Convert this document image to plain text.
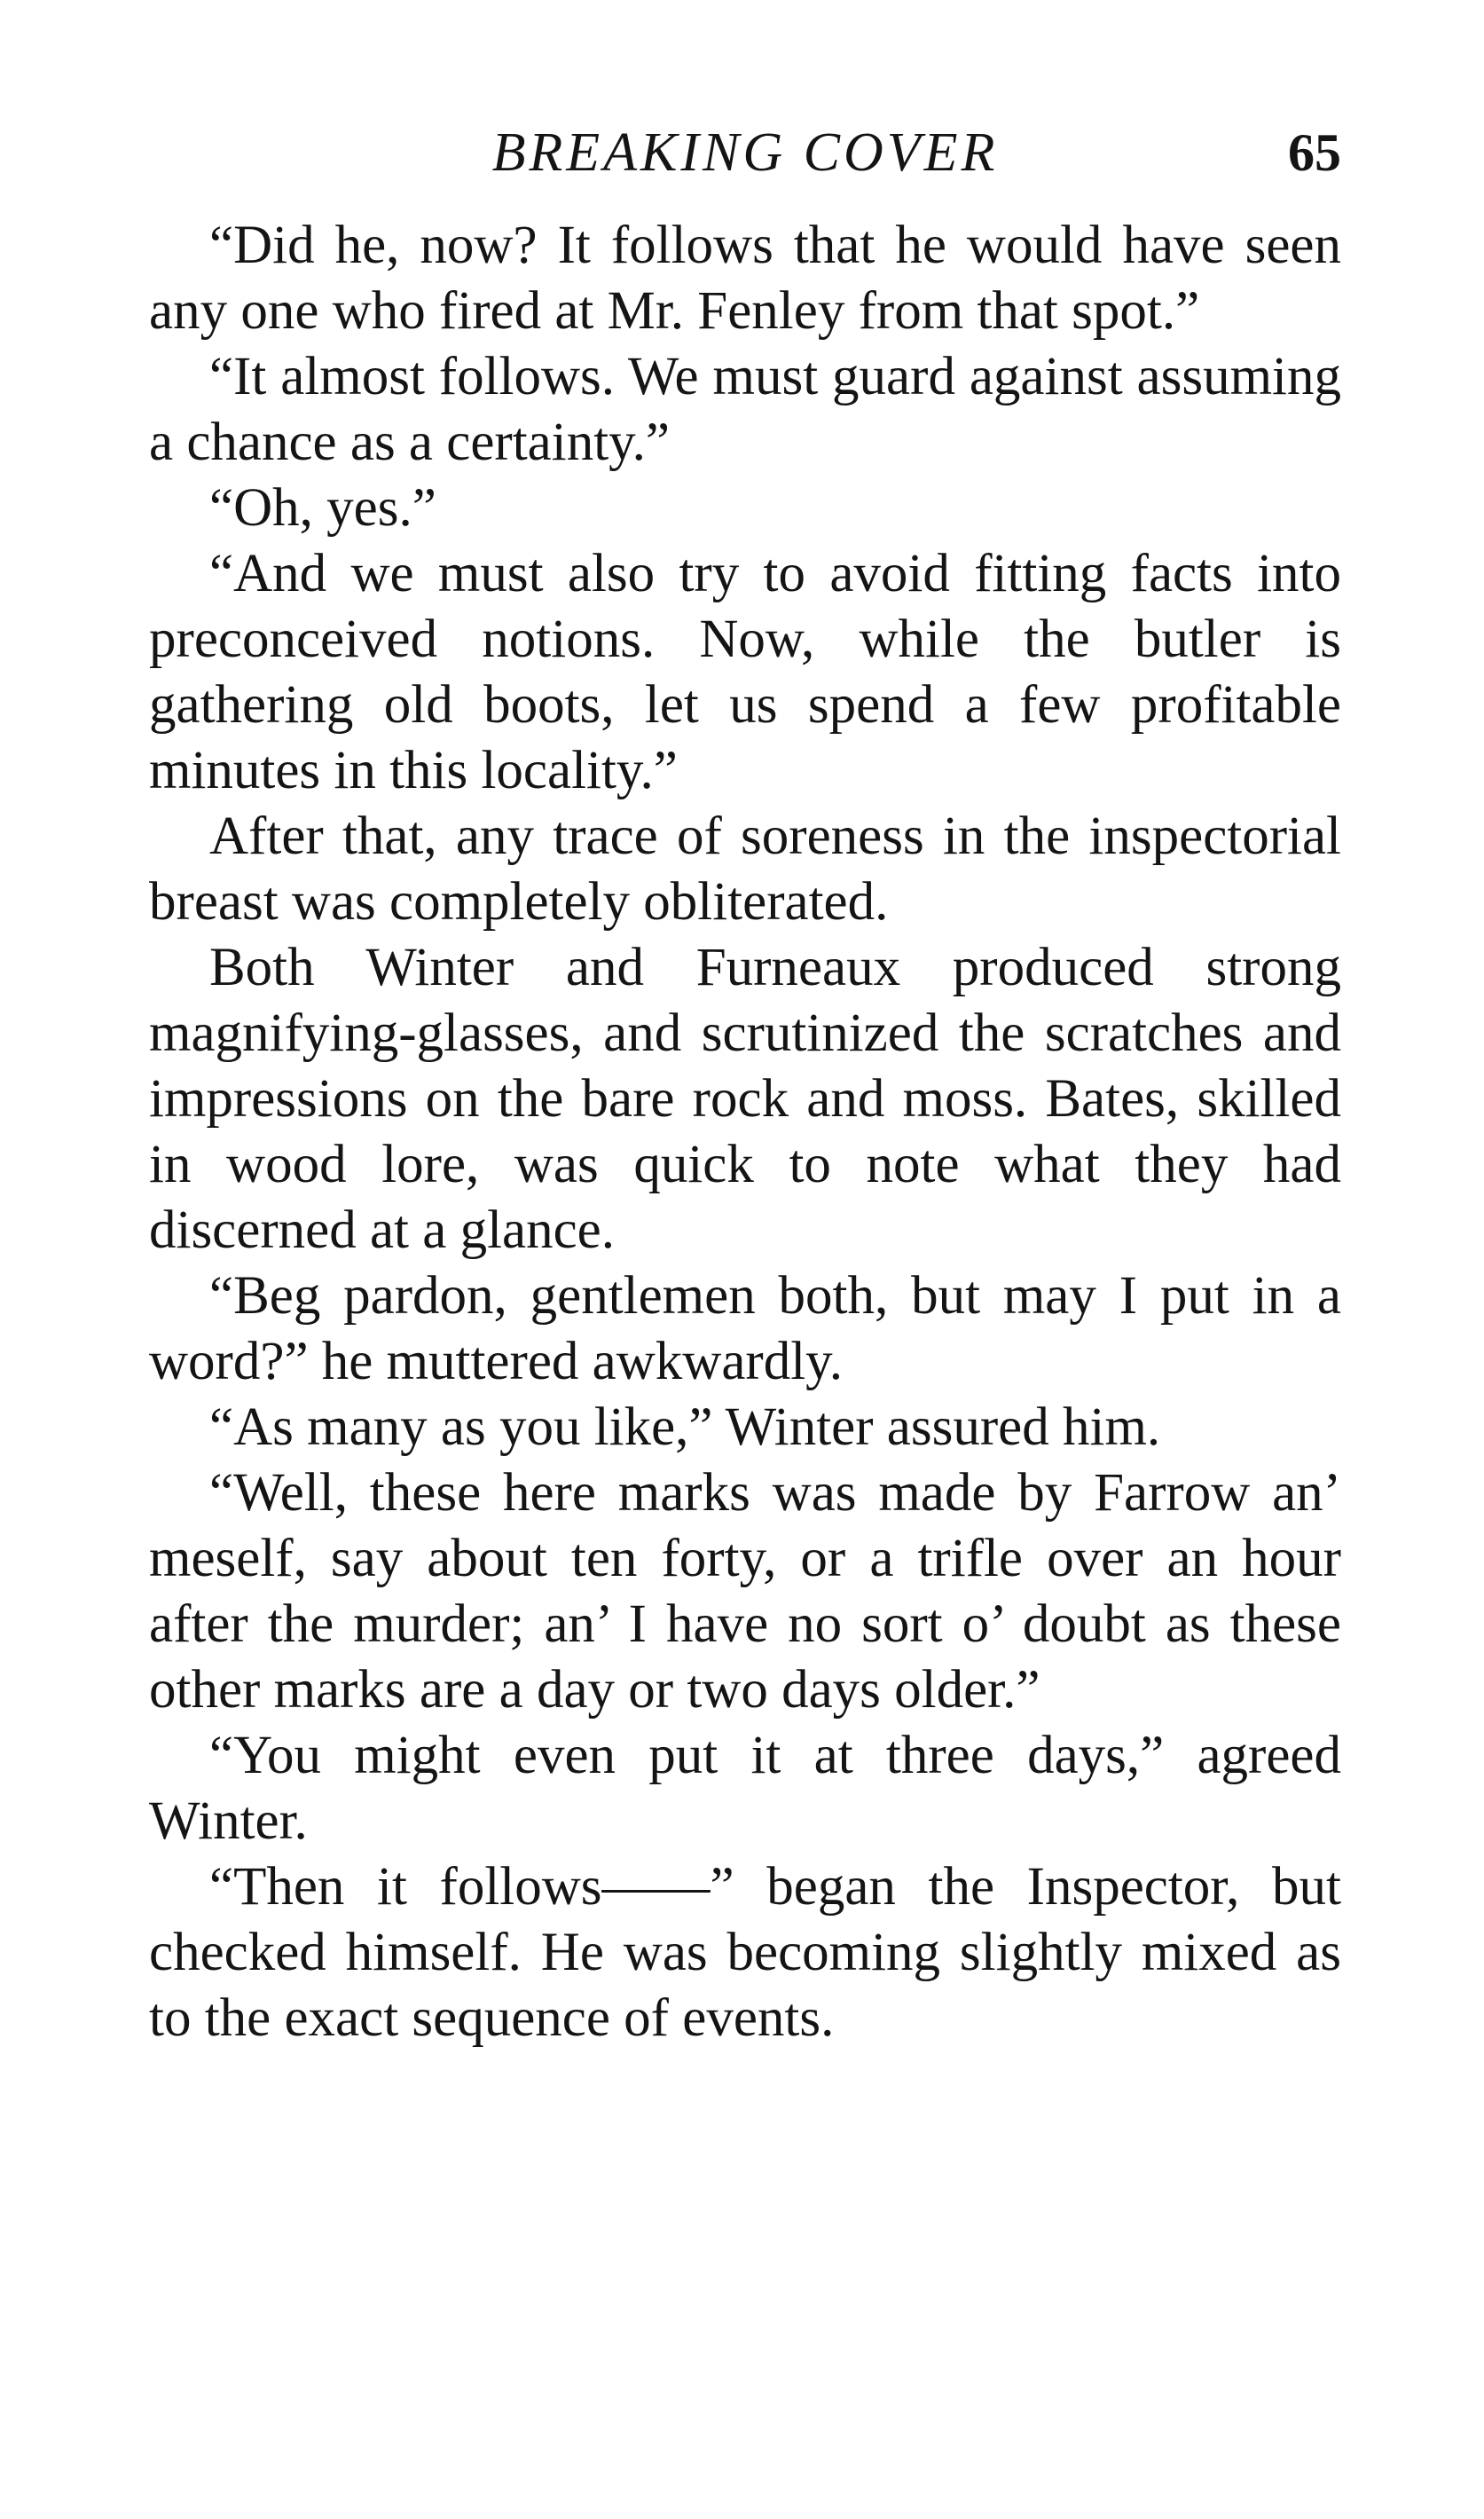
BREAKING COVER	65

“Did he, now? It follows that he would have seen any one who fired at Mr. Fenley from that spot.”

“It almost follows. We must guard against assuming a chance as a certainty.”

“Oh, yes.”

“And we must also try to avoid fitting facts into preconceived notions. Now, while the butler is gathering old boots, let us spend a few profitable minutes in this locality.”

After that, any trace of soreness in the inspectorial breast was completely obliterated.

Both Winter and Furneaux produced strong magnifying-glasses, and scrutinized the scratches and impressions on the bare rock and moss. Bates, skilled in wood lore, was quick to note what they had discerned at a glance.

“Beg pardon, gentlemen both, but may I put in a word?” he muttered awkwardly.

“As many as you like,” Winter assured him.

“Well, these here marks was made by Farrow an’ meself, say about ten forty, or a trifle over an hour after the murder; an’ I have no sort o’ doubt as these other marks are a day or two days older.”

“You might even put it at three days,” agreed Winter.

“Then it follows——” began the Inspector, but checked himself. He was becoming slightly mixed as to the exact sequence of events.
